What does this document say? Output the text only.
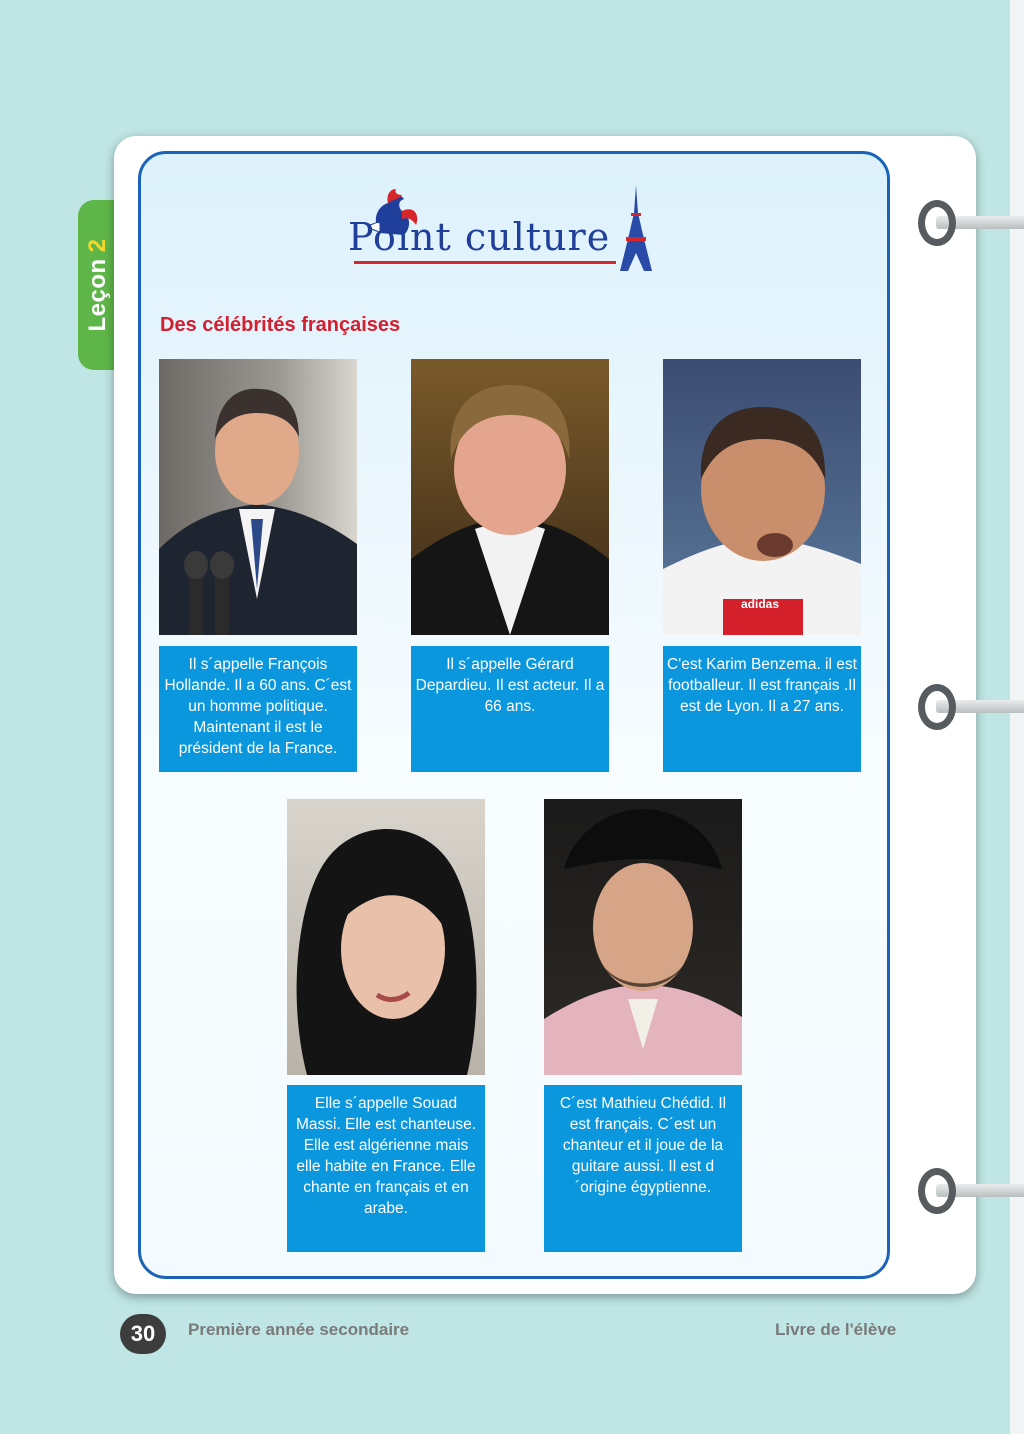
Leçon2	Point culture
Des célébrités françaises
Il s´appelle François Hollande. Il a 60 ans. C´est un homme politique. Maintenant il est le président de la France.
Il s´appelle Gérard Depardieu. Il est acteur. Il a 66 ans.
adidas
C'est Karim Benzema. il est footballeur. Il est français .Il est de Lyon. Il a 27 ans.
Elle s´appelle Souad Massi. Elle est chanteuse. Elle est algérienne mais elle habite en France. Elle chante en français et en arabe.
C´est Mathieu Chédid. Il est français. C´est un chanteur et il joue de la guitare aussi. Il est d´origine égyptienne.
30	Première année secondaire	Livre de l'élève
